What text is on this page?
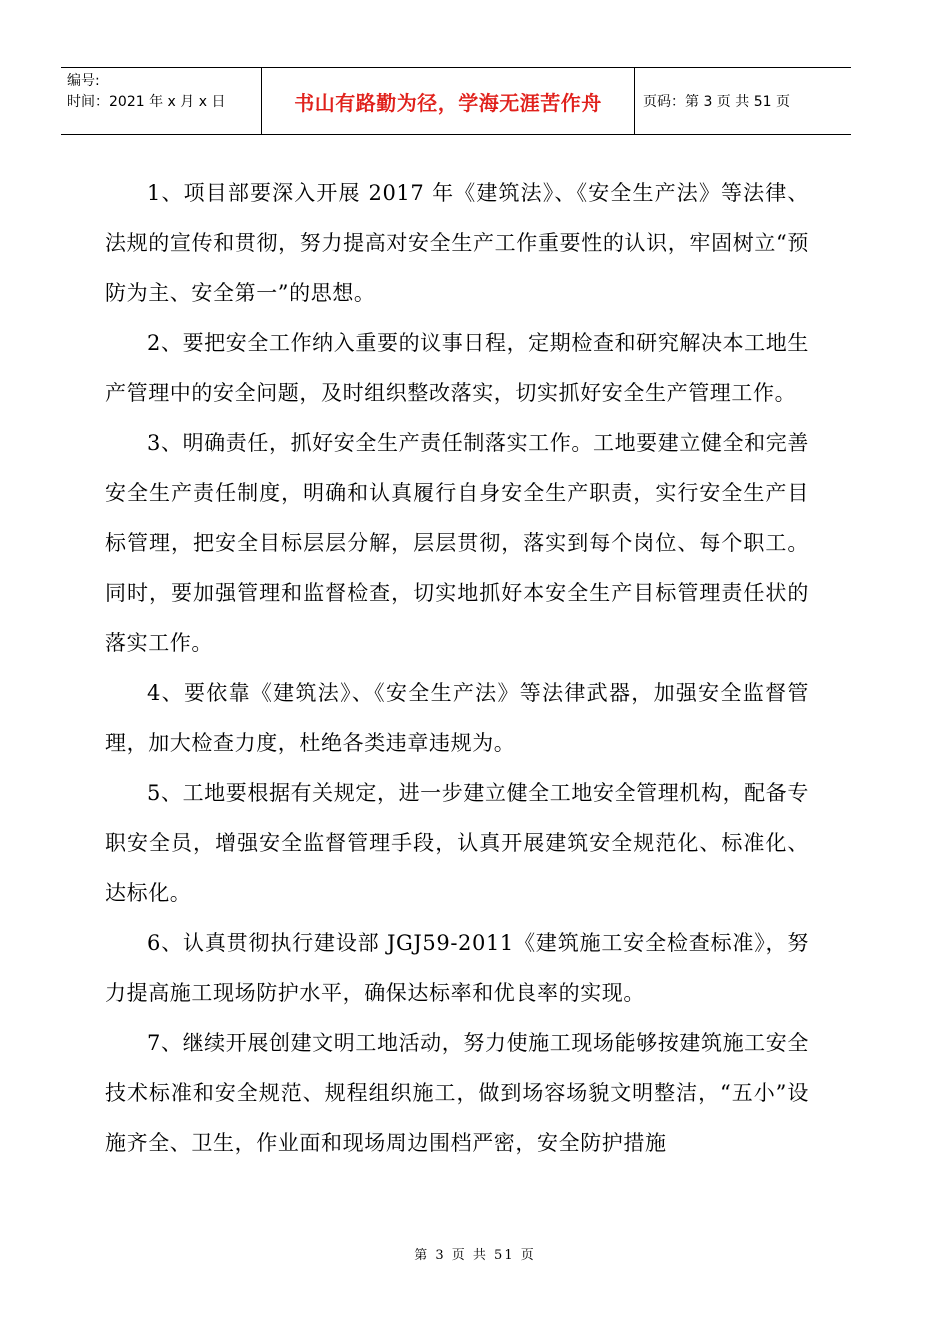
编号:
时间：2021 年 x 月 x 日	书山有路勤为径，学海无涯苦作舟	页码：第 3 页 共 51 页

1、项目部要深入开展 2017 年《建筑法》、《安全生产法》等法律、法规的宣传和贯彻，努力提高对安全生产工作重要性的认识，牢固树立“预防为主、安全第一”的思想。

2、要把安全工作纳入重要的议事日程，定期检查和研究解决本工地生产管理中的安全问题，及时组织整改落实，切实抓好安全生产管理工作。

3、明确责任，抓好安全生产责任制落实工作。工地要建立健全和完善安全生产责任制度，明确和认真履行自身安全生产职责，实行安全生产目标管理，把安全目标层层分解，层层贯彻，落实到每个岗位、每个职工。同时，要加强管理和监督检查，切实地抓好本安全生产目标管理责任状的落实工作。

4、要依靠《建筑法》、《安全生产法》等法律武器，加强安全监督管理，加大检查力度，杜绝各类违章违规为。

5、工地要根据有关规定，进一步建立健全工地安全管理机构，配备专职安全员，增强安全监督管理手段，认真开展建筑安全规范化、标准化、达标化。

6、认真贯彻执行建设部 JGJ59-2011《建筑施工安全检查标准》，努力提高施工现场防护水平，确保达标率和优良率的实现。

7、继续开展创建文明工地活动，努力使施工现场能够按建筑施工安全技术标准和安全规范、规程组织施工，做到场容场貌文明整洁，“五小”设施齐全、卫生，作业面和现场周边围档严密，安全防护措施

第 3 页 共 51 页
